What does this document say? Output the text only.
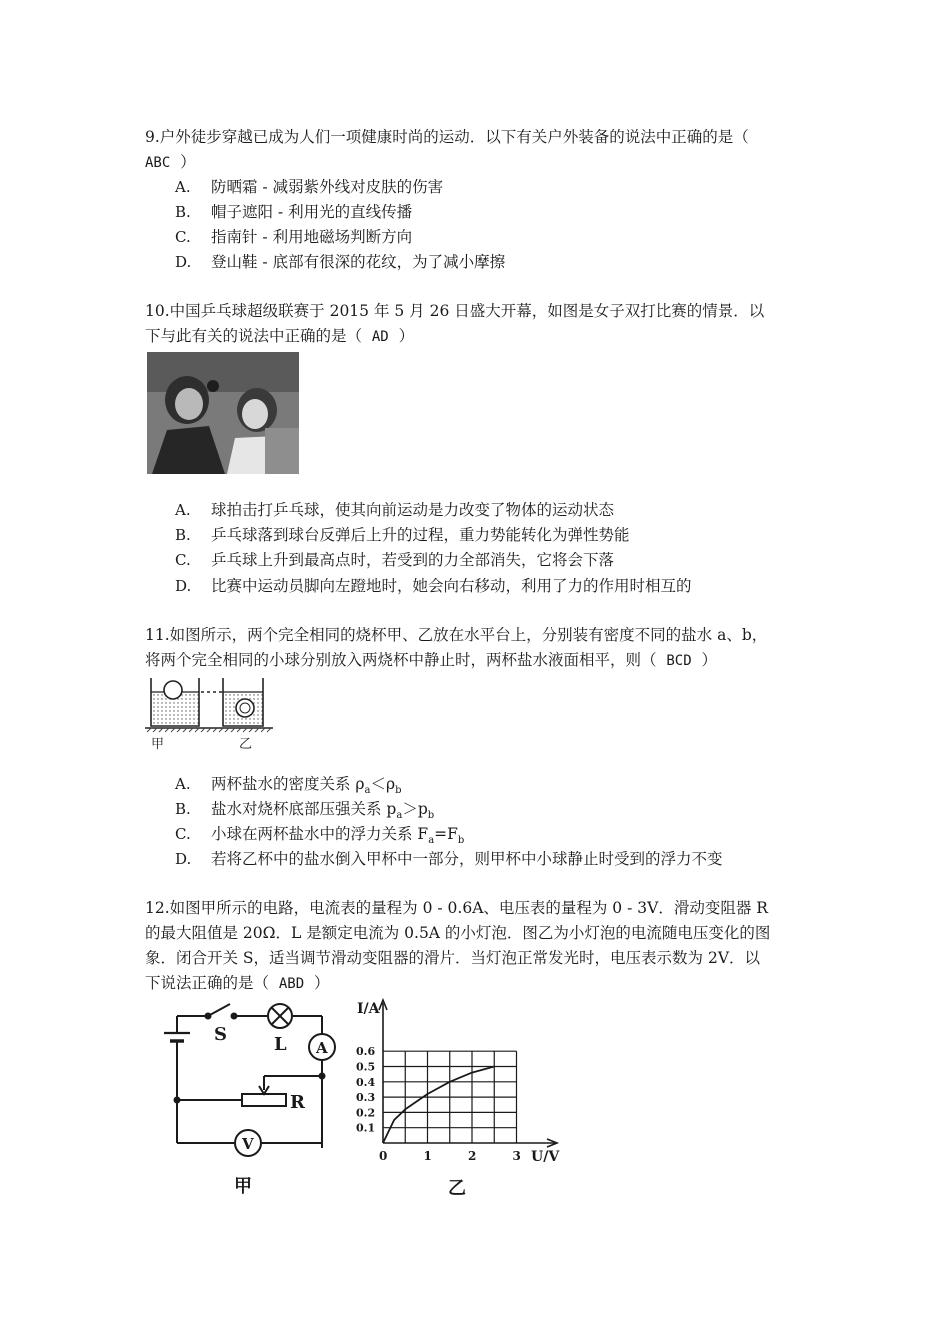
9.户外徒步穿越已成为人们一项健康时尚的运动．以下有关户外装备的说法中正确的是（
ABC ）
A. 防晒霜 - 减弱紫外线对皮肤的伤害
B. 帽子遮阳 - 利用光的直线传播
C. 指南针 - 利用地磁场判断方向
D. 登山鞋 - 底部有很深的花纹，为了减小摩擦
10.中国乒乓球超级联赛于 2015 年 5 月 26 日盛大开幕，如图是女子双打比赛的情景．以
下与此有关的说法中正确的是（ AD ）
A. 球拍击打乒乓球，使其向前运动是力改变了物体的运动状态
B. 乒乓球落到球台反弹后上升的过程，重力势能转化为弹性势能
C. 乒乓球上升到最高点时，若受到的力全部消失，它将会下落
D. 比赛中运动员脚向左蹬地时，她会向右移动，利用了力的作用时相互的
11.如图所示，两个完全相同的烧杯甲、乙放在水平台上，分别装有密度不同的盐水 a、b，
将两个完全相同的小球分别放入两烧杯中静止时，两杯盐水液面相平，则（ BCD ）
甲	乙
A. 两杯盐水的密度关系 $\rho_a<\rho_b$
B. 盐水对烧杯底部压强关系 $p_a>p_b$
C. 小球在两杯盐水中的浮力关系 $F_a=F_b$
D. 若将乙杯中的盐水倒入甲杯中一部分，则甲杯中小球静止时受到的浮力不变
12.如图甲所示的电路，电流表的量程为 0 - 0.6A、电压表的量程为 0 - 3V．滑动变阻器 R
的最大阻值是 20Ω．L 是额定电流为 0.5A 的小灯泡．图乙为小灯泡的电流随电压变化的图
象．闭合开关 S，适当调节滑动变阻器的滑片．当灯泡正常发光时，电压表示数为 2V．以
下说法正确的是（ ABD ）
S	L A
R
V
甲
0.1
0.2
0.3
0.4
0.5
0.6
0	1	2	3
I/A
U/V
乙
